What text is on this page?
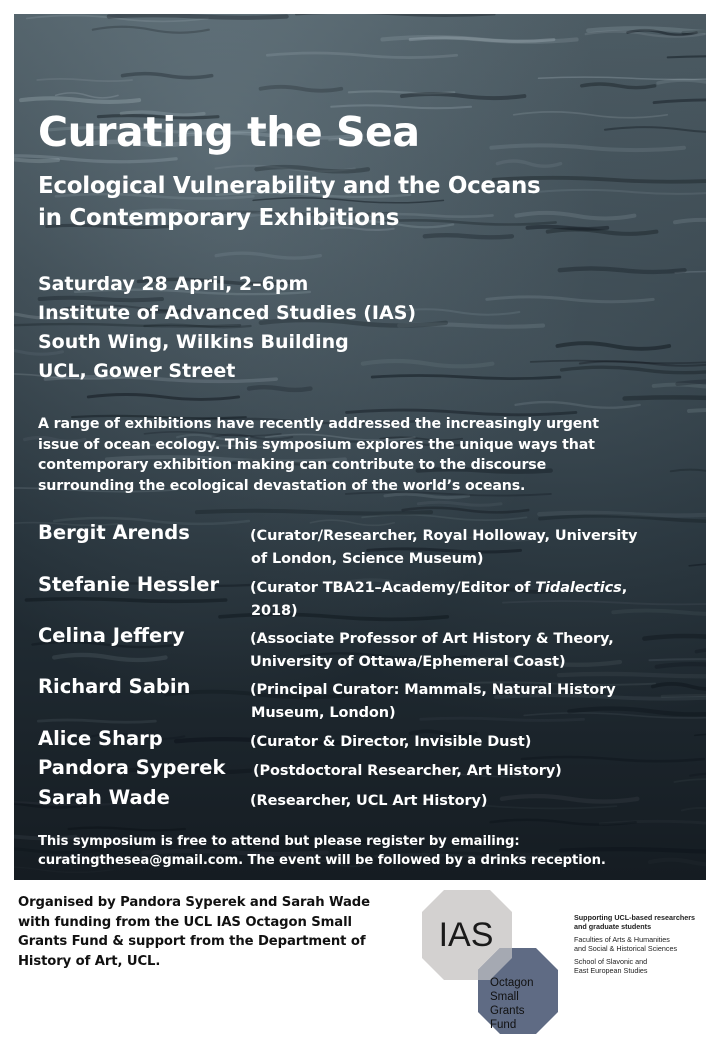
Curating the Sea
Ecological Vulnerability and the Oceans
in Contemporary Exhibitions
Saturday 28 April, 2–6pm
Institute of Advanced Studies (IAS)
South Wing, Wilkins Building
UCL, Gower Street

A range of exhibitions have recently addressed the increasingly urgent
issue of ocean ecology. This symposium explores the unique ways that
contemporary exhibition making can contribute to the discourse
surrounding the ecological devastation of the world’s oceans.

Bergit Arends	(Curator/Researcher, Royal Holloway, University
of London, Science Museum)
Stefanie Hessler (Curator TBA21–Academy/Editor of Tidalectics,
2018)
Celina Jeffery	(Associate Professor of Art History & Theory,
University of Ottawa/Ephemeral Coast)
Richard Sabin	(Principal Curator: Mammals, Natural History
Museum, London)
Alice Sharp	(Curator & Director, Invisible Dust)
Pandora Syperek (Postdoctoral Researcher, Art History)
Sarah Wade	(Researcher, UCL Art History)

This symposium is free to attend but please register by emailing:
curatingthesea@gmail.com. The event will be followed by a drinks reception.

Organised by Pandora Syperek and Sarah Wade
with funding from the UCL IAS Octagon Small
Grants Fund & support from the Department of
History of Art, UCL.

IAS
Octagon
Small
Grants
Fund
Supporting UCL-based researchers
and graduate students
Faculties of Arts & Humanities
and Social & Historical Sciences
School of Slavonic and
East European Studies
